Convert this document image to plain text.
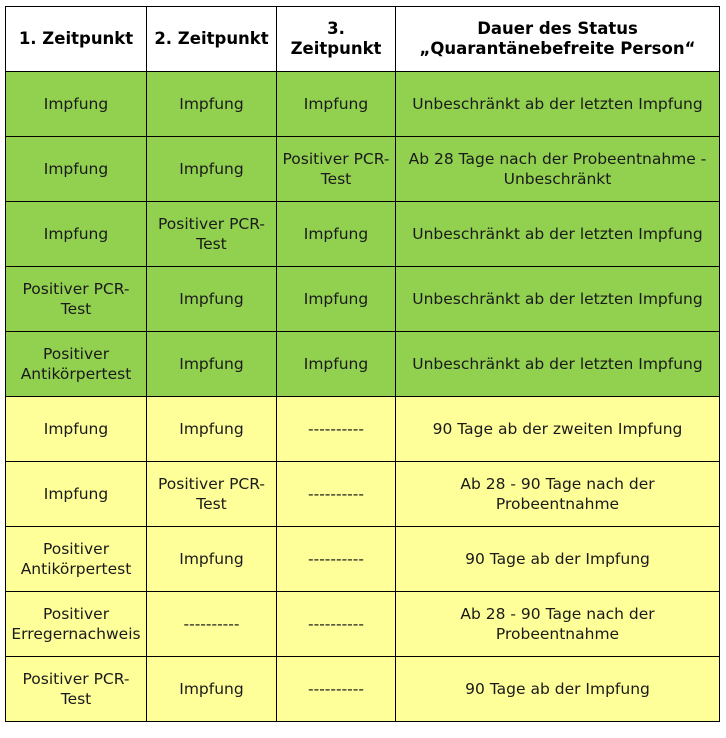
1. Zeitpunkt	2. Zeitpunkt	3. Zeitpunkt	Dauer des Status „Quarantänebefreite Person“
Impfung	Impfung	Impfung	Unbeschränkt ab der letzten Impfung
Impfung	Impfung	Positiver PCR-Test	Ab 28 Tage nach der Probeentnahme - Unbeschränkt
Impfung	Positiver PCR-Test	Impfung	Unbeschränkt ab der letzten Impfung
Positiver PCR-Test	Impfung	Impfung	Unbeschränkt ab der letzten Impfung
Positiver Antikörpertest	Impfung	Impfung	Unbeschränkt ab der letzten Impfung
Impfung	Impfung	----------	90 Tage ab der zweiten Impfung
Impfung	Positiver PCR-Test	----------	Ab 28 - 90 Tage nach der Probeentnahme
Positiver Antikörpertest	Impfung	----------	90 Tage ab der Impfung
Positiver Erregernachweis	----------	----------	Ab 28 - 90 Tage nach der Probeentnahme
Positiver PCR-Test	Impfung	----------	90 Tage ab der Impfung
